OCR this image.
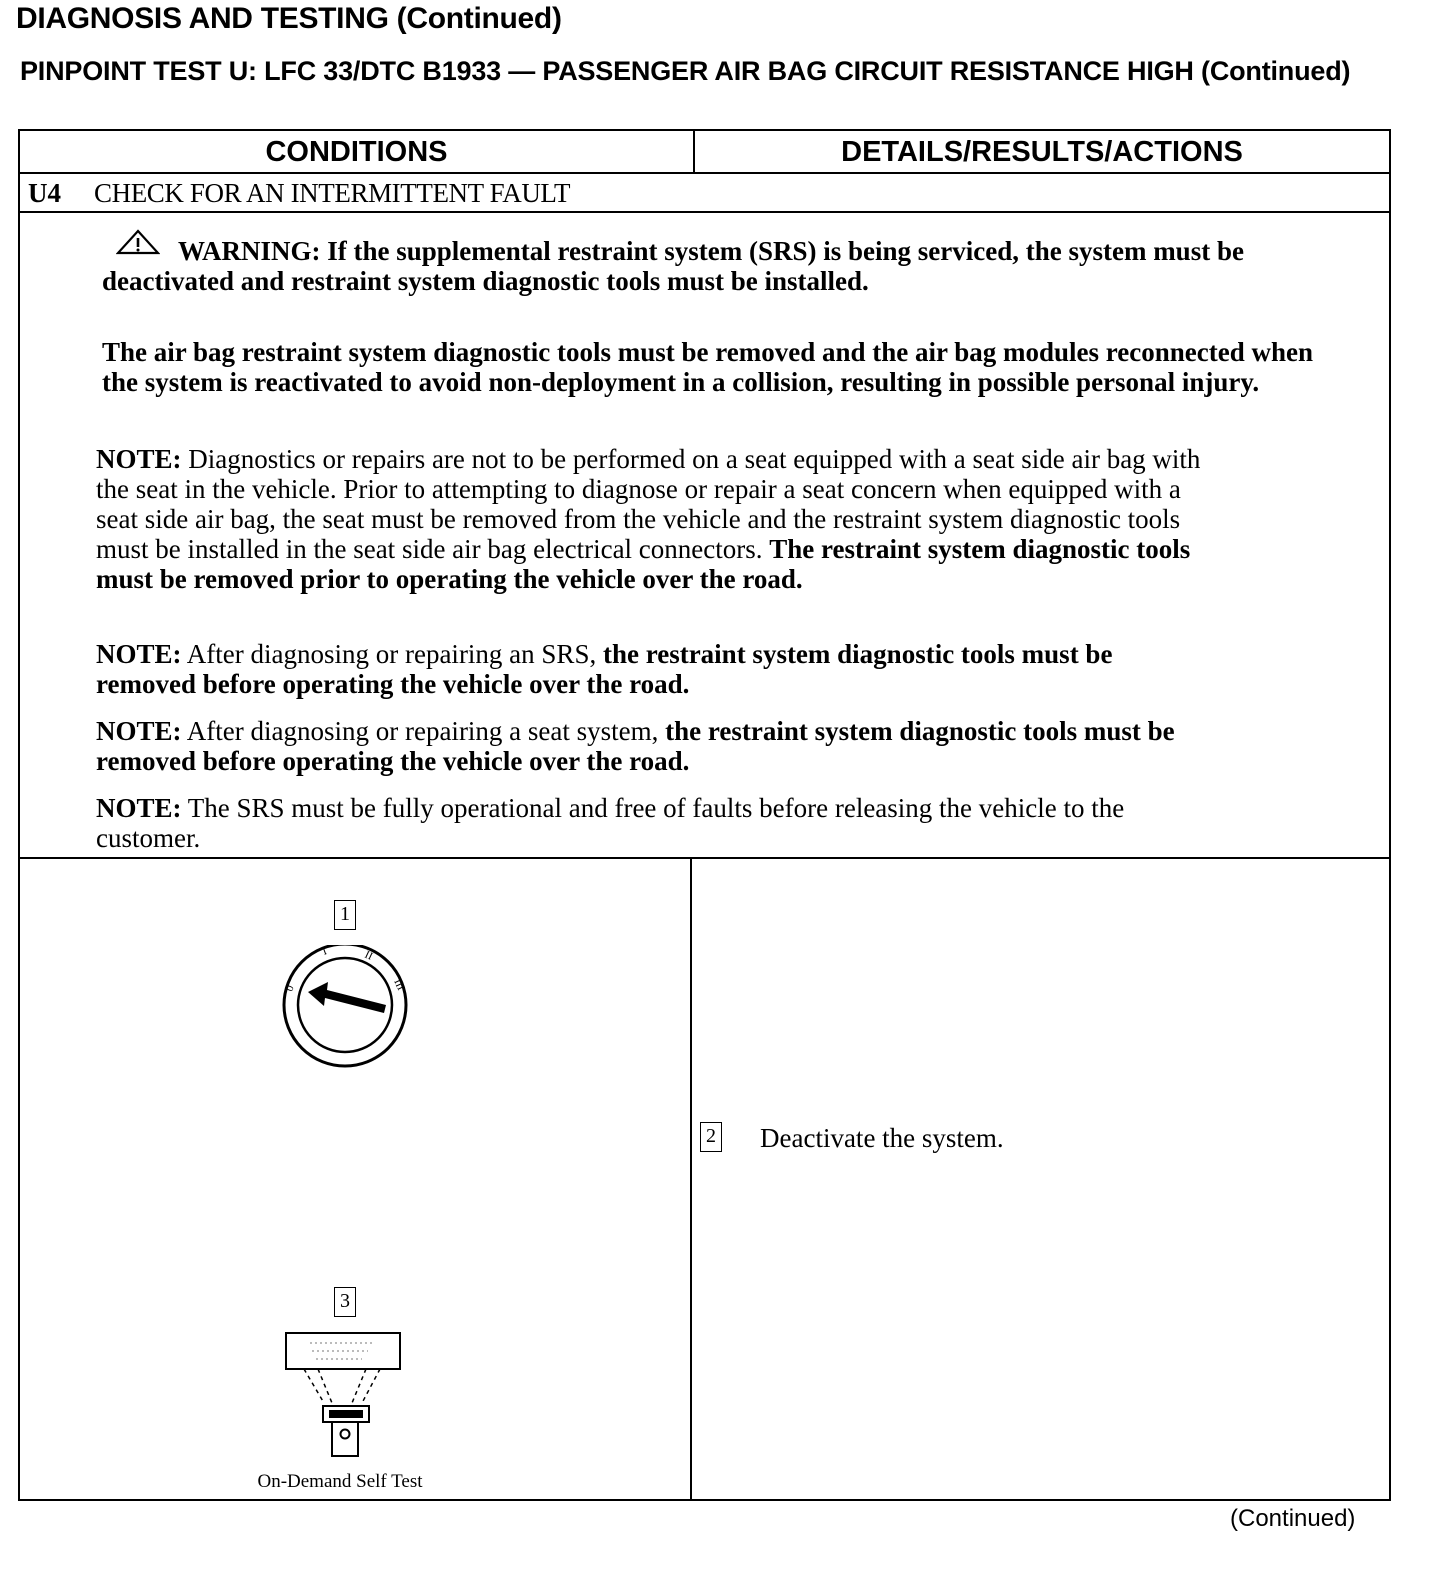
DIAGNOSIS AND TESTING (Continued)
PINPOINT TEST U: LFC 33/DTC B1933 — PASSENGER AIR BAG CIRCUIT RESISTANCE HIGH (Continued)
CONDITIONS	DETAILS/RESULTS/ACTIONS
U4 CHECK FOR AN INTERMITTENT FAULT
WARNING: If the supplemental restraint system (SRS) is being serviced, the system must be deactivated and restraint system diagnostic tools must be installed.
The air bag restraint system diagnostic tools must be removed and the air bag modules reconnected when the system is reactivated to avoid non-deployment in a collision, resulting in possible personal injury.
NOTE: Diagnostics or repairs are not to be performed on a seat equipped with a seat side air bag with the seat in the vehicle. Prior to attempting to diagnose or repair a seat concern when equipped with a seat side air bag, the seat must be removed from the vehicle and the restraint system diagnostic tools must be installed in the seat side air bag electrical connectors. The restraint system diagnostic tools must be removed prior to operating the vehicle over the road.
NOTE: After diagnosing or repairing an SRS, the restraint system diagnostic tools must be removed before operating the vehicle over the road.
NOTE: After diagnosing or repairing a seat system, the restraint system diagnostic tools must be removed before operating the vehicle over the road.
NOTE: The SRS must be fully operational and free of faults before releasing the vehicle to the customer.
1
0
I	II
III
2 Deactivate the system.
3
On-Demand Self Test
(Continued)
